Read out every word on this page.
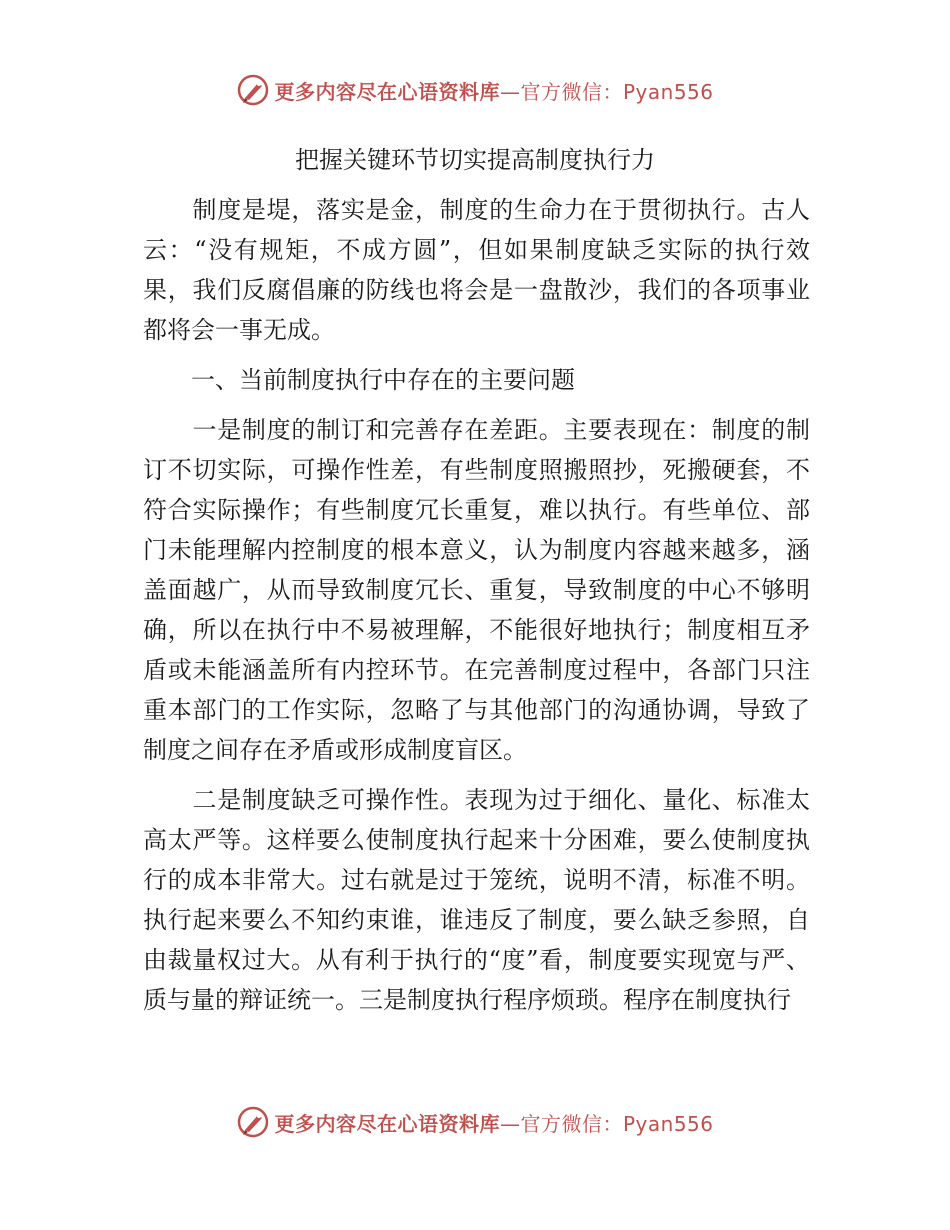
更多内容尽在心语资料库—官方微信：Pyan556
把握关键环节切实提高制度执行力
　　制度是堤，落实是金，制度的生命力在于贯彻执行。古人
云：“没有规矩，不成方圆”，但如果制度缺乏实际的执行效
果，我们反腐倡廉的防线也将会是一盘散沙，我们的各项事业
都将会一事无成。
　　一、当前制度执行中存在的主要问题
　　一是制度的制订和完善存在差距。主要表现在：制度的制
订不切实际，可操作性差，有些制度照搬照抄，死搬硬套，不
符合实际操作；有些制度冗长重复，难以执行。有些单位、部
门未能理解内控制度的根本意义，认为制度内容越来越多，涵
盖面越广，从而导致制度冗长、重复，导致制度的中心不够明
确，所以在执行中不易被理解，不能很好地执行；制度相互矛
盾或未能涵盖所有内控环节。在完善制度过程中，各部门只注
重本部门的工作实际，忽略了与其他部门的沟通协调，导致了
制度之间存在矛盾或形成制度盲区。
　　二是制度缺乏可操作性。表现为过于细化、量化、标准太
高太严等。这样要么使制度执行起来十分困难，要么使制度执
行的成本非常大。过右就是过于笼统，说明不清，标准不明。
执行起来要么不知约束谁，谁违反了制度，要么缺乏参照，自
由裁量权过大。从有利于执行的“度”看，制度要实现宽与严、
质与量的辩证统一。三是制度执行程序烦琐。程序在制度执行
更多内容尽在心语资料库—官方微信：Pyan556
